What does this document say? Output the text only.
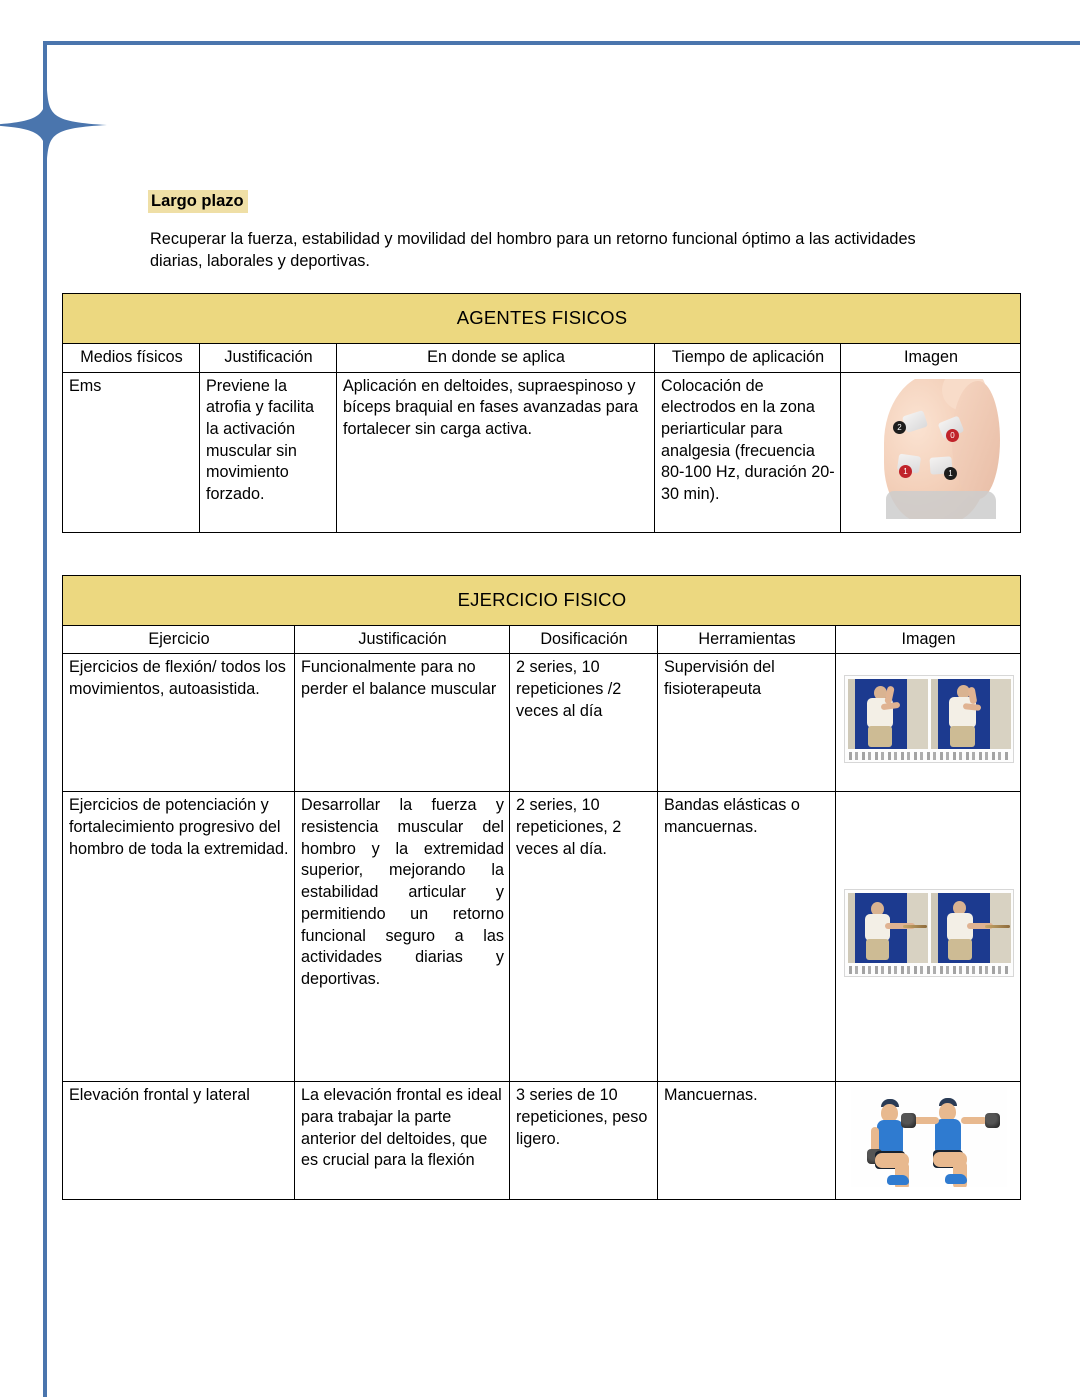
Largo plazo

Recuperar la fuerza, estabilidad y movilidad del hombro para un retorno funcional óptimo a las actividades diarias, laborales y deportivas.

AGENTES FISICOS				
Medios físicos	Justificación	En donde se aplica	Tiempo de aplicación	Imagen
Ems	Previene la atrofia y facilita la activación muscular sin movimiento forzado.	Aplicación en deltoides, supraespinoso y bíceps braquial en fases avanzadas para fortalecer sin carga activa.	Colocación de electrodos en la zona periarticular para analgesia (frecuencia 80-100 Hz, duración 20-30 min).	2
0
1 1
EJERCICIO FISICO				
Ejercicio	Justificación	Dosificación	Herramientas	Imagen
Ejercicios de flexión/ todos los movimientos, autoasistida.	Funcionalmente para no perder el balance muscular	2 series, 10 repeticiones /2 veces al día	Supervisión del fisioterapeuta	

Ejercicios de potenciación y fortalecimiento progresivo del hombro de toda la extremidad.	Desarrollar la fuerza y resistencia muscular del hombro y la extremidad superior, mejorando la estabilidad articular y permitiendo un retorno funcional seguro a las actividades diarias y deportivas.	2 series, 10 repeticiones, 2 veces al día.	Bandas elásticas o mancuernas.	

Elevación frontal y lateral	La elevación frontal es ideal para trabajar la parte anterior del deltoides, que es crucial para la flexión	3 series de 10 repeticiones, peso ligero.	Mancuernas.	
